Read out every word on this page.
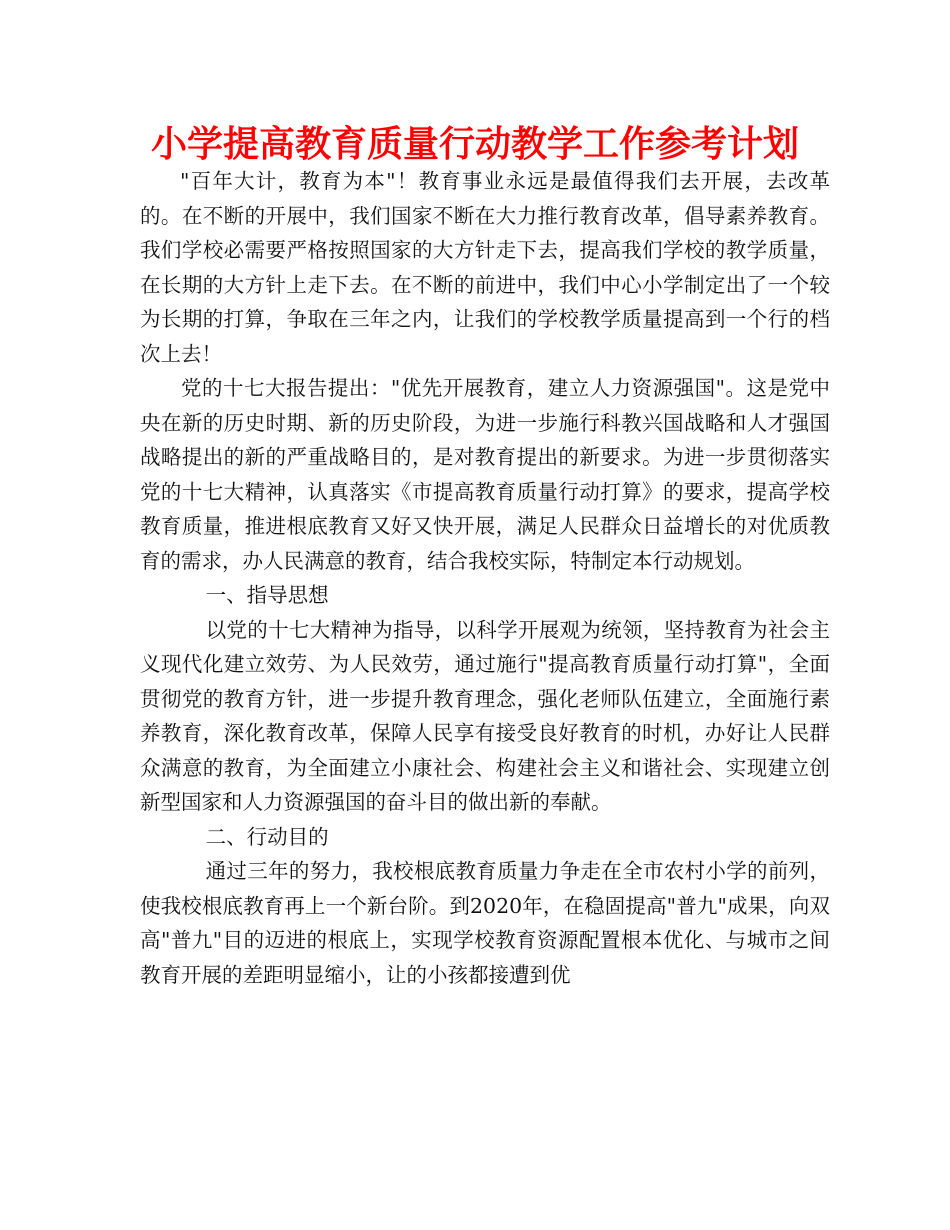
小学提高教育质量行动教学工作参考计划

"百年大计，教育为本"！教育事业永远是最值得我们去开展，去改革的。在不断的开展中，我们国家不断在大力推行教育改革，倡导素养教育。我们学校必需要严格按照国家的大方针走下去，提高我们学校的教学质量，在长期的大方针上走下去。在不断的前进中，我们中心小学制定出了一个较为长期的打算，争取在三年之内，让我们的学校教学质量提高到一个行的档次上去！

党的十七大报告提出："优先开展教育，建立人力资源强国"。这是党中央在新的历史时期、新的历史阶段，为进一步施行科教兴国战略和人才强国战略提出的新的严重战略目的，是对教育提出的新要求。为进一步贯彻落实党的十七大精神，认真落实《市提高教育质量行动打算》的要求，提高学校教育质量，推进根底教育又好又快开展，满足人民群众日益增长的对优质教育的需求，办人民满意的教育，结合我校实际，特制定本行动规划。

一、指导思想

以党的十七大精神为指导，以科学开展观为统领，坚持教育为社会主义现代化建立效劳、为人民效劳，通过施行"提高教育质量行动打算"，全面贯彻党的教育方针，进一步提升教育理念，强化老师队伍建立，全面施行素养教育，深化教育改革，保障人民享有接受良好教育的时机，办好让人民群众满意的教育，为全面建立小康社会、构建社会主义和谐社会、实现建立创新型国家和人力资源强国的奋斗目的做出新的奉献。

二、行动目的

通过三年的努力，我校根底教育质量力争走在全市农村小学的前列，使我校根底教育再上一个新台阶。到2020年，在稳固提高"普九"成果，向双高"普九"目的迈进的根底上，实现学校教育资源配置根本优化、与城市之间教育开展的差距明显缩小，让的小孩都接遭到优
